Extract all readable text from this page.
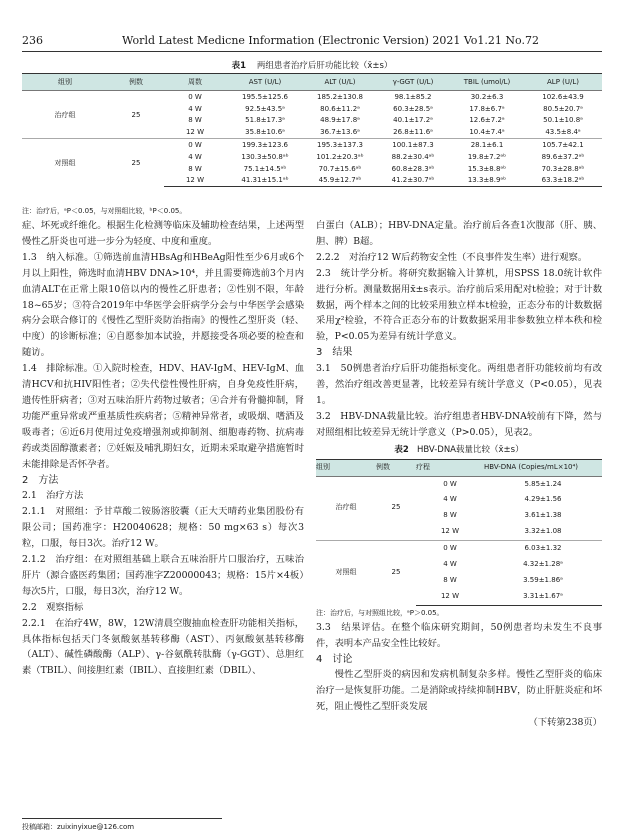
236	World Latest Medicne Information (Electronic Version) 2021 Vo1.21 No.72
表1 两组患者治疗后肝功能比较（x̄±s）
组别	例数	周数	AST (U/L)	ALT (U/L)	γ-GGT (U/L)	TBIL (umol/L)	ALP (U/L)
治疗组	25	0 W	195.5±125.6	185.2±130.8	98.1±85.2	30.2±6.3	102.6±43.9
		4 W	92.5±43.5ᵃ	80.6±11.2ᵃ	60.3±28.5ᵃ	17.8±6.7ᵃ	80.5±20.7ᵃ
		8 W	51.8±17.3ᵃ	48.9±17.8ᵃ	40.1±17.2ᵃ	12.6±7.2ᵃ	50.1±10.8ᵃ
		12 W	35.8±10.6ᵃ	36.7±13.6ᵃ	26.8±11.6ᵃ	10.4±7.4ᵃ	43.5±8.4ᵃ
对照组	25	0 W	199.3±123.6	195.3±137.3	100.1±87.3	28.1±6.1	105.7±42.1
		4 W	130.3±50.8ᵃᵇ	101.2±20.3ᵃᵇ	88.2±30.4ᵃᵇ	19.8±7.2ᵃᵇ	89.6±37.2ᵃᵇ
		8 W	75.1±14.5ᵃᵇ	70.7±15.6ᵃᵇ	60.8±28.3ᵃᵇ	15.3±8.8ᵃᵇ	70.3±28.8ᵃᵇ
		12 W	41.31±15.1ᵃᵇ	45.9±12.7ᵃᵇ	41.2±30.7ᵃᵇ	13.3±8.9ᵃᵇ	63.3±18.2ᵃᵇ
注：治疗后，ᵃP＜0.05，与对照组比较，ᵇP＜0.05。

症、坏死或纤维化。根据生化检测等临床及辅助检查结果，上述两型慢性乙肝炎也可进一步分为轻度、中度和重度。

1.3　纳入标准。①筛选前血清HBsAg和HBeAg阳性至少6月或6个月以上阳性，筛选时血清HBV DNA>10⁴，并且需要筛选前3个月内血清ALT在正常上限10倍以内的慢性乙肝患者；②性别不限，年龄18~65岁；③符合2019年中华医学会肝病学分会与中华医学会感染病分会联合修订的《慢性乙型肝炎防治指南》的慢性乙型肝炎（轻、中度）的诊断标准；④自愿参加本试验，并愿接受各项必要的检查和随访。

1.4　排除标准。①入院时检查，HDV、HAV-IgM、HEV-IgM、血清HCV和抗HIV阳性者；②失代偿性慢性肝病，自身免疫性肝病，遗传性肝病者；③对五味治肝片药物过敏者；④合并有骨髓抑制，肾功能严重异常或严重基质性疾病者；⑤精神异常者，或吸烟、嗜酒及吸毒者；⑥近6月使用过免疫增强剂或抑制剂、细胞毒药物、抗病毒药或类固醇激素者；⑦妊娠及哺乳期妇女，近期未采取避孕措施暂时未能排除是否怀孕者。

2　方法

2.1　治疗方法

2.1.1　对照组：予甘草酸二铵肠溶胶囊（正大天晴药业集团股份有限公司；国药准字：H20040628；规格：50 mg×63 s）每次3粒，口服，每日3次。治疗12 W。

2.1.2　治疗组：在对照组基础上联合五味治肝片口服治疗，五味治肝片（源合盛医药集团；国药准字Z20000043；规格：15片×4板）每次5片，口服，每日3次，治疗12 W。

2.2　观察指标

2.2.1　在治疗4W，8W，12W清晨空腹抽血检查肝功能相关指标，具体指标包括天门冬氨酸氨基转移酶（AST）、丙氨酸氨基转移酶（ALT）、碱性磷酸酶（ALP）、γ-谷氨酰转肽酶（γ-GGT）、总胆红素（TBIL）、间接胆红素（IBIL）、直接胆红素（DBIL）、

白蛋白（ALB）；HBV-DNA定量。治疗前后各查1次腹部（肝、胰、胆、脾）B超。

2.2.2　对治疗12 W后药物安全性（不良事件发生率）进行观察。

2.3　统计学分析。将研究数据输入计算机，用SPSS 18.0统计软件进行分析。测量数据用x̄±s表示。治疗前后采用配对t检验；对于计数数据，两个样本之间的比较采用独立样本t检验，正态分布的计数数据采用χ²检验，不符合正态分布的计数数据采用非参数独立样本秩和检验，P<0.05为差异有统计学意义。

3　结果

3.1　50例患者治疗后肝功能指标变化。两组患者肝功能较前均有改善，然治疗组改善更显著，比较差异有统计学意义（P<0.05），见表1。

3.2　HBV-DNA载量比较。治疗组患者HBV-DNA较前有下降，然与对照组相比较差异无统计学意义（P>0.05），见表2。

表2 HBV-DNA载量比较（x̄±s）
组别	例数	疗程	HBV-DNA (Copies/mL×10⁴)
治疗组	25	0 W	5.85±1.24
		4 W	4.29±1.56
		8 W	3.61±1.38
		12 W	3.32±1.08
对照组	25	0 W	6.03±1.32
		4 W	4.32±1.28ᵃ
		8 W	3.59±1.86ᵃ
		12 W	3.31±1.67ᵃ
注：治疗后，与对照组比较，ᵃP＞0.05。

3.3　结果评估。在整个临床研究期间，50例患者均未发生不良事件，表明本产品安全性比较好。

4　讨论

慢性乙型肝炎的病因和发病机制复杂多样。慢性乙型肝炎的临床治疗一是恢复肝功能。二是消除或持续抑制HBV，防止肝脏炎症和坏死，阻止慢性乙型肝炎发展

（下转第238页）

投稿邮箱：zuixinyixue@126.com
